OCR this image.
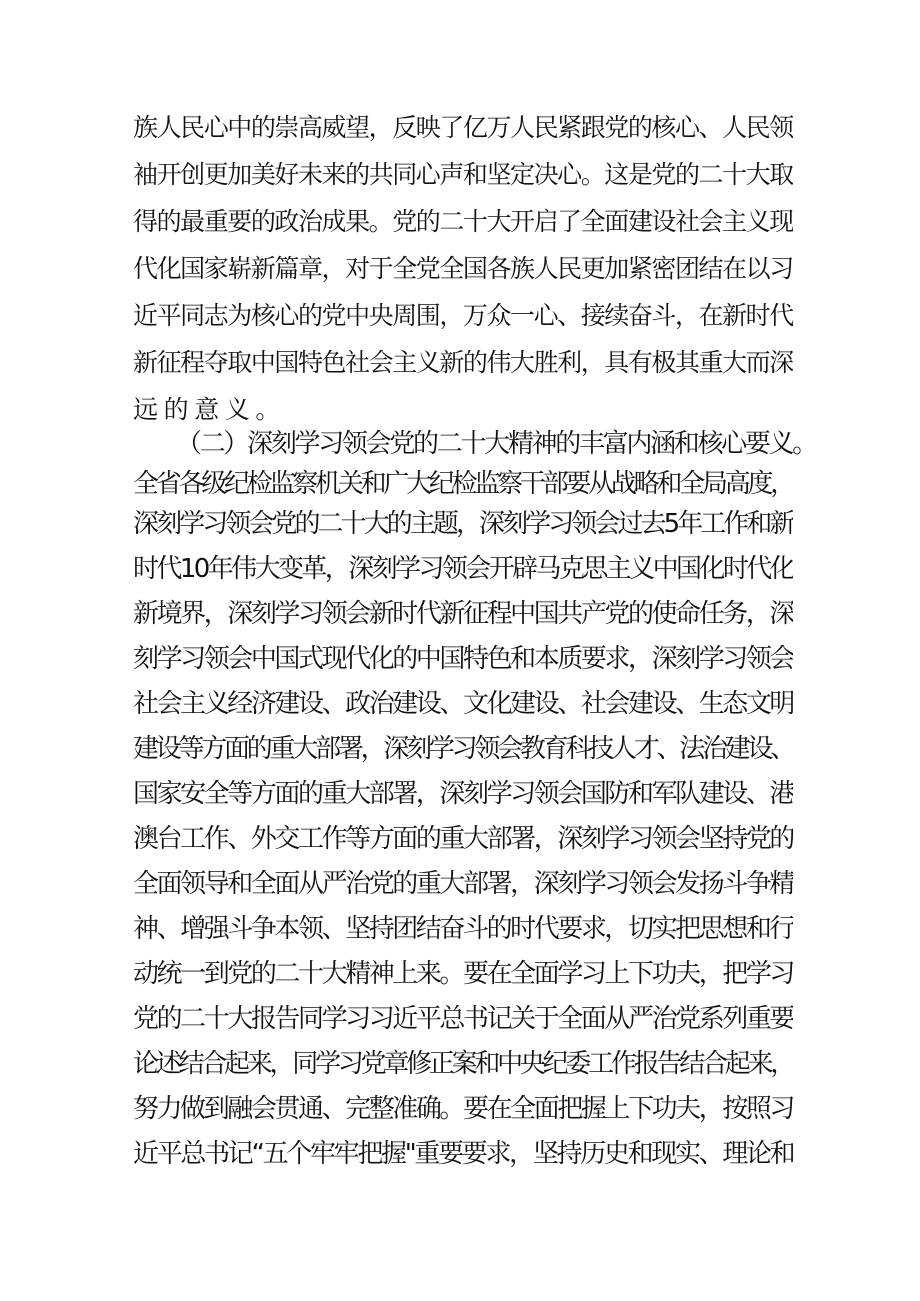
族人民心中的崇高威望，反映了亿万人民紧跟党的核心、人民领
袖开创更加美好未来的共同心声和坚定决心。这是党的二十大取
得的最重要的政治成果。党的二十大开启了全面建设社会主义现
代化国家崭新篇章，对于全党全国各族人民更加紧密团结在以习
近平同志为核心的党中央周围，万众一心、接续奋斗，在新时代
新征程夺取中国特色社会主义新的伟大胜利，具有极其重大而深
远的意义。
（二）深刻学习领会党的二十大精神的丰富内涵和核心要义。
全省各级纪检监察机关和广大纪检监察干部要从战略和全局高度，
深刻学习领会党的二十大的主题，深刻学习领会过去5年工作和新
时代10年伟大变革，深刻学习领会开辟马克思主义中国化时代化
新境界，深刻学习领会新时代新征程中国共产党的使命任务，深
刻学习领会中国式现代化的中国特色和本质要求，深刻学习领会
社会主义经济建设、政治建设、文化建设、社会建设、生态文明
建设等方面的重大部署，深刻学习领会教育科技人才、法治建设、
国家安全等方面的重大部署，深刻学习领会国防和军队建设、港
澳台工作、外交工作等方面的重大部署，深刻学习领会坚持党的
全面领导和全面从严治党的重大部署，深刻学习领会发扬斗争精
神、增强斗争本领、坚持团结奋斗的时代要求，切实把思想和行
动统一到党的二十大精神上来。要在全面学习上下功夫，把学习
党的二十大报告同学习习近平总书记关于全面从严治党系列重要
论述结合起来，同学习党章修正案和中央纪委工作报告结合起来，
努力做到融会贯通、完整准确。要在全面把握上下功夫，按照习
近平总书记“五个牢牢把握"重要要求，坚持历史和现实、理论和
